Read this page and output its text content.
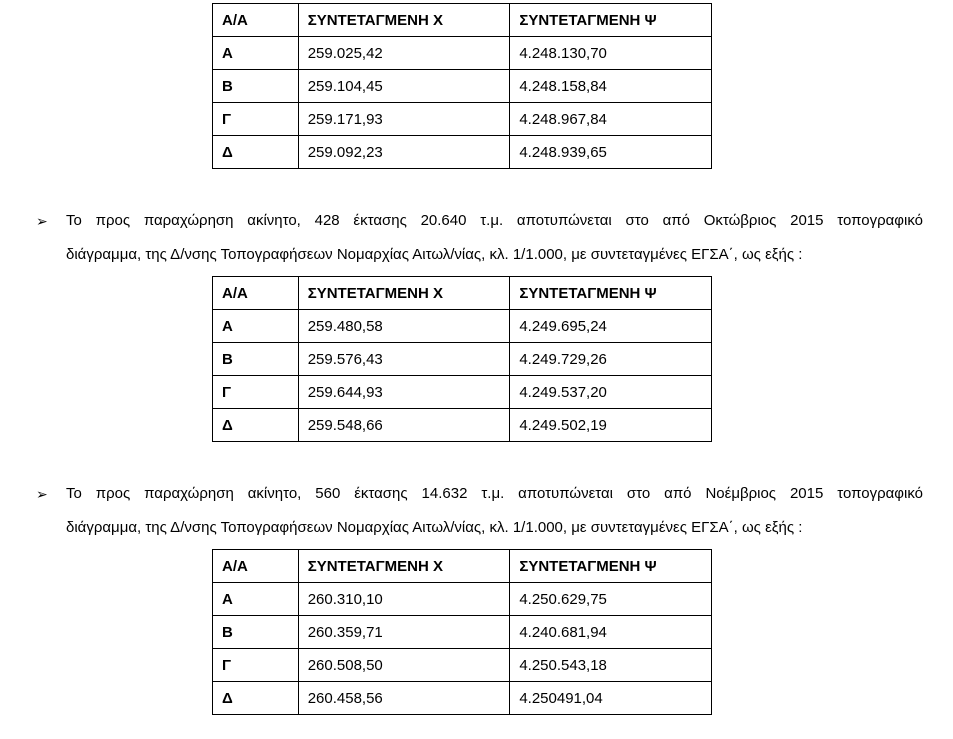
Α/Α	ΣΥΝΤΕΤΑΓΜΕΝΗ Χ	ΣΥΝΤΕΤΑΓΜΕΝΗ Ψ
Α	259.025,42	4.248.130,70
Β	259.104,45	4.248.158,84
Γ	259.171,93	4.248.967,84
Δ	259.092,23	4.248.939,65
➢ Το προς παραχώρηση ακίνητο, 428 έκτασης 20.640 τ.μ. αποτυπώνεται στο από Οκτώβριος 2015 τοπογραφικό
διάγραμμα, της Δ/νσης Τοπογραφήσεων Νομαρχίας Αιτωλ/νίας, κλ. 1/1.000, με συντεταγμένες ΕΓΣΑ΄, ως εξής :
Α/Α	ΣΥΝΤΕΤΑΓΜΕΝΗ Χ	ΣΥΝΤΕΤΑΓΜΕΝΗ Ψ
Α	259.480,58	4.249.695,24
Β	259.576,43	4.249.729,26
Γ	259.644,93	4.249.537,20
Δ	259.548,66	4.249.502,19
➢ Το προς παραχώρηση ακίνητο, 560 έκτασης 14.632 τ.μ. αποτυπώνεται στο από Νοέμβριος 2015 τοπογραφικό
διάγραμμα, της Δ/νσης Τοπογραφήσεων Νομαρχίας Αιτωλ/νίας, κλ. 1/1.000, με συντεταγμένες ΕΓΣΑ΄, ως εξής :
Α/Α	ΣΥΝΤΕΤΑΓΜΕΝΗ Χ	ΣΥΝΤΕΤΑΓΜΕΝΗ Ψ
Α	260.310,10	4.250.629,75
Β	260.359,71	4.240.681,94
Γ	260.508,50	4.250.543,18
Δ	260.458,56	4.250491,04
